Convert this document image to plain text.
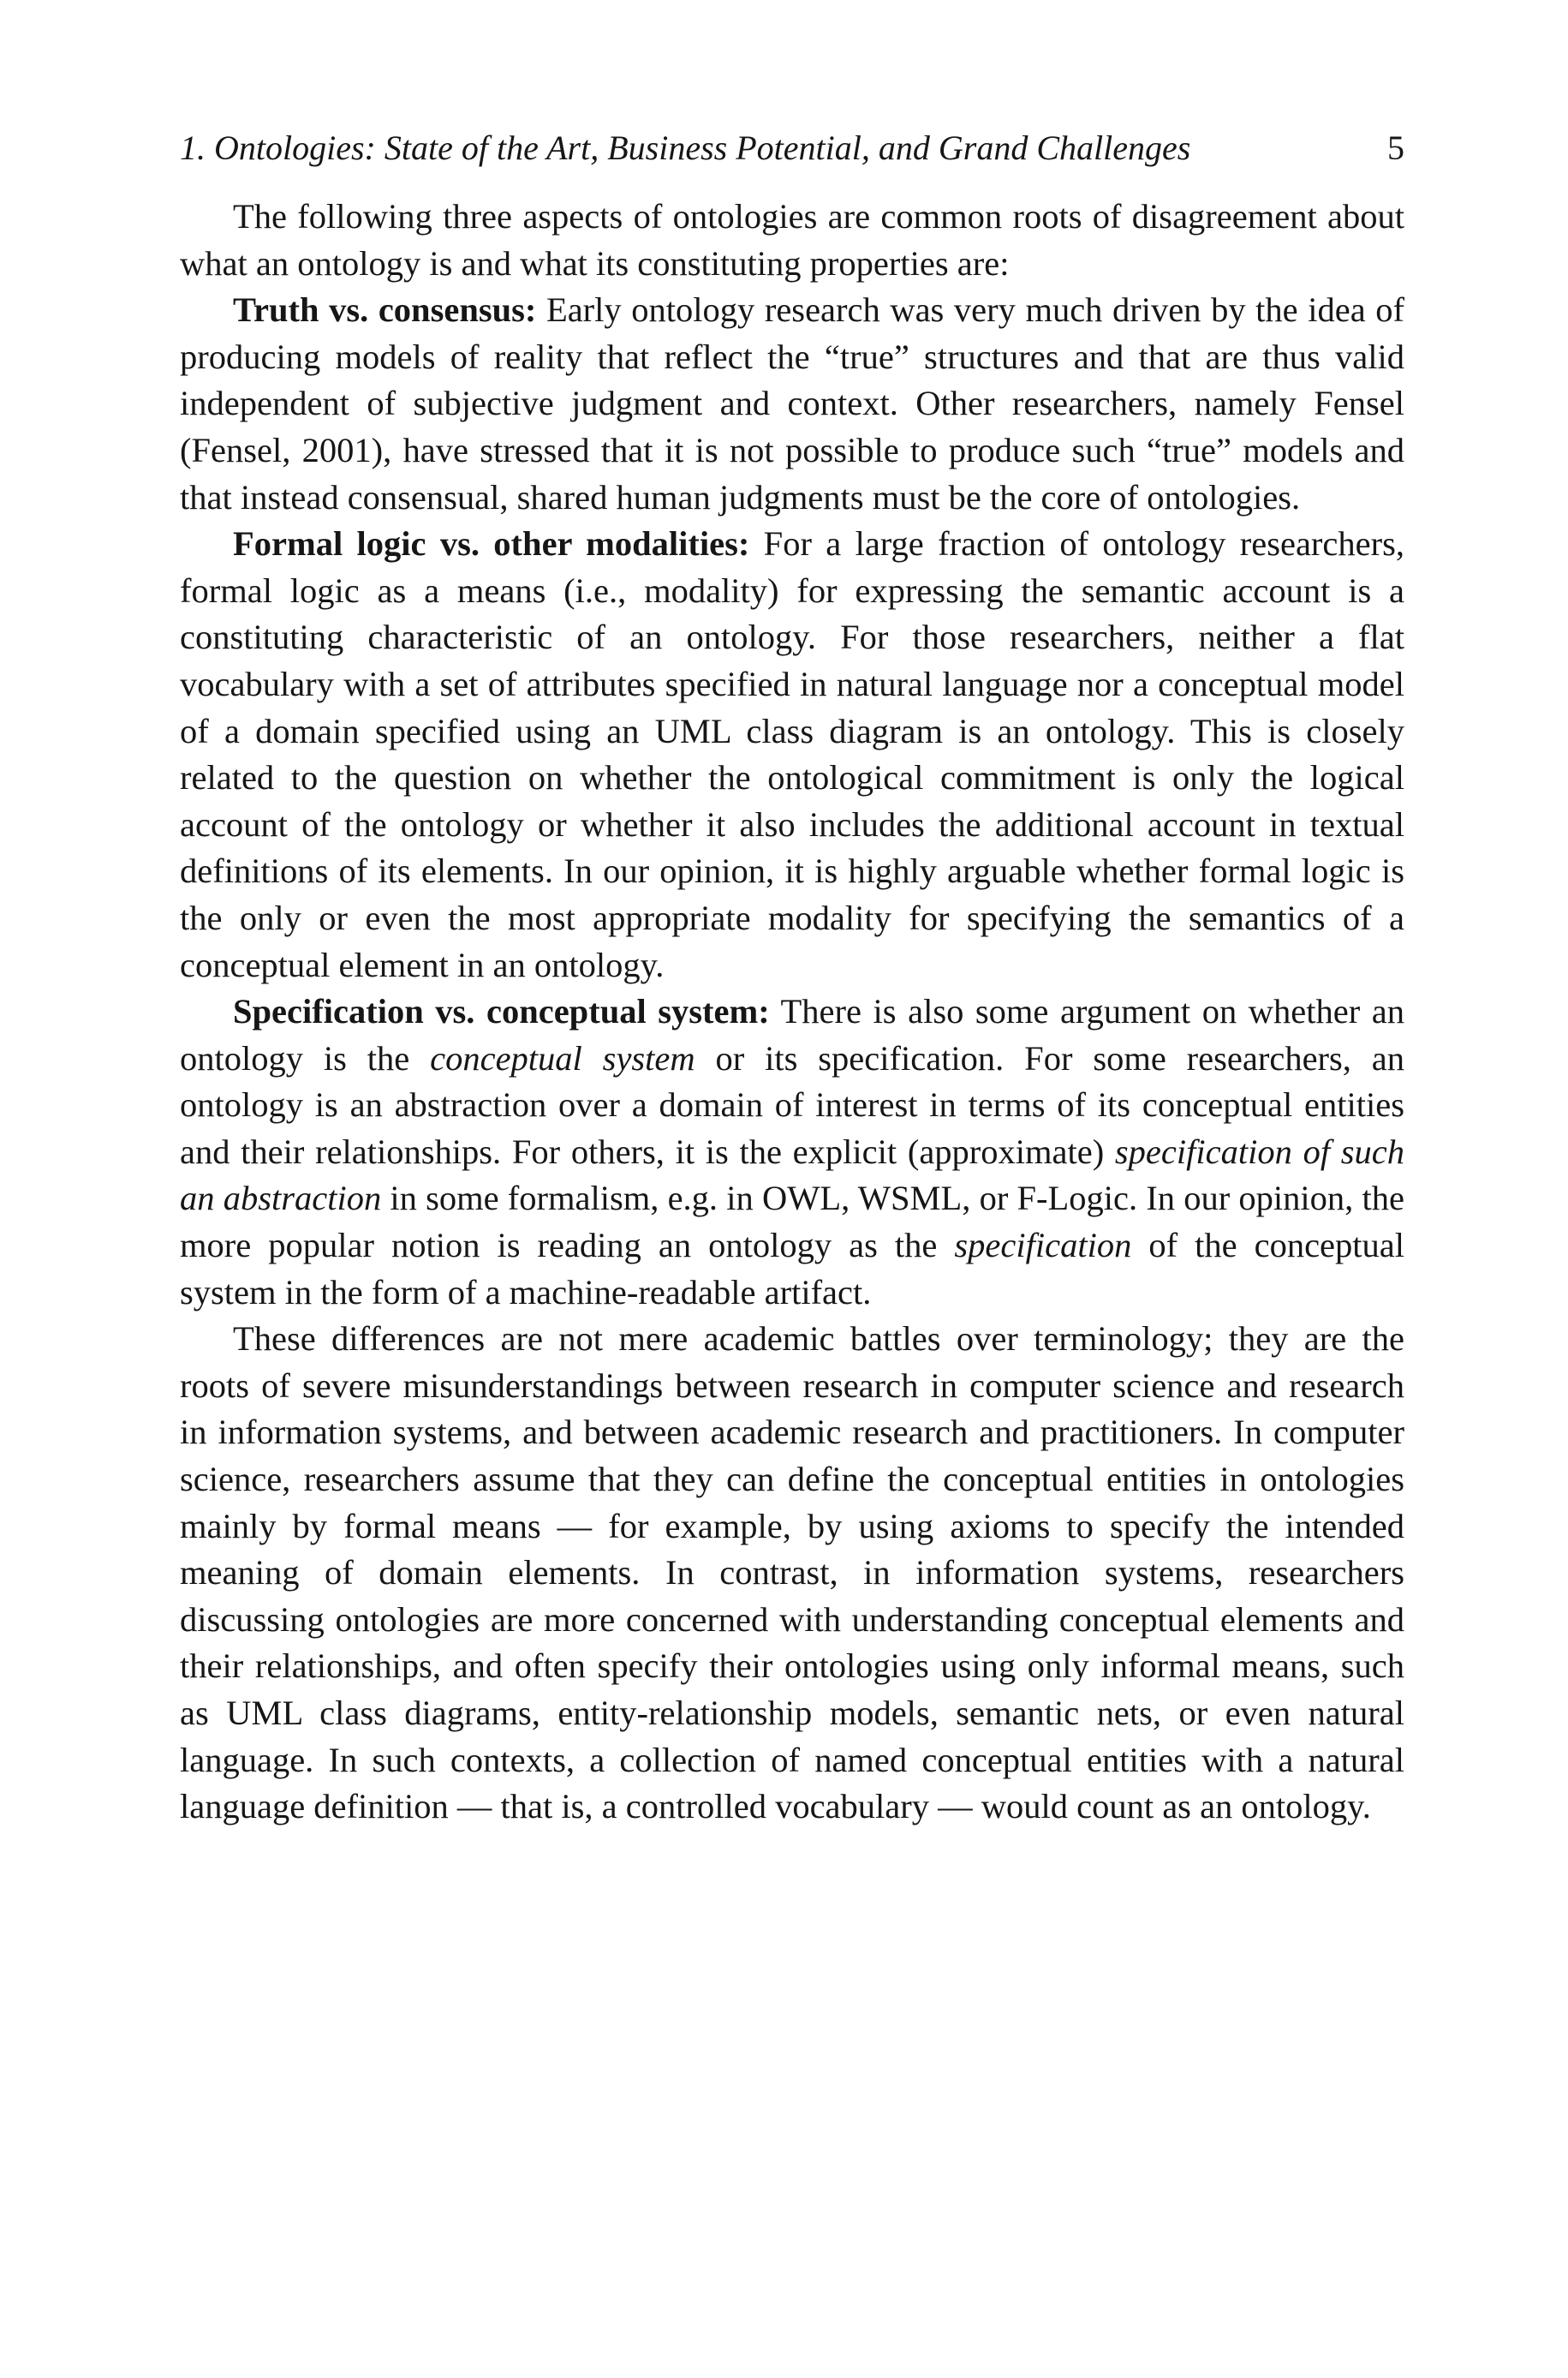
1. Ontologies: State of the Art, Business Potential, and Grand Challenges	5

The following three aspects of ontologies are common roots of disagreement about what an ontology is and what its constituting properties are:

Truth vs. consensus: Early ontology research was very much driven by the idea of producing models of reality that reflect the “true” structures and that are thus valid independent of subjective judgment and context. Other researchers, namely Fensel (Fensel, 2001), have stressed that it is not possible to produce such “true” models and that instead consensual, shared human judgments must be the core of ontologies.

Formal logic vs. other modalities: For a large fraction of ontology researchers, formal logic as a means (i.e., modality) for expressing the semantic account is a constituting characteristic of an ontology. For those researchers, neither a flat vocabulary with a set of attributes specified in natural language nor a conceptual model of a domain specified using an UML class diagram is an ontology. This is closely related to the question on whether the ontological commitment is only the logical account of the ontology or whether it also includes the additional account in textual definitions of its elements. In our opinion, it is highly arguable whether formal logic is the only or even the most appropriate modality for specifying the semantics of a conceptual element in an ontology.

Specification vs. conceptual system: There is also some argument on whether an ontology is the conceptual system or its specification. For some researchers, an ontology is an abstraction over a domain of interest in terms of its conceptual entities and their relationships. For others, it is the explicit (approximate) specification of such an abstraction in some formalism, e.g. in OWL, WSML, or F-Logic. In our opinion, the more popular notion is reading an ontology as the specification of the conceptual system in the form of a machine-readable artifact.

These differences are not mere academic battles over terminology; they are the roots of severe misunderstandings between research in computer science and research in information systems, and between academic research and practitioners. In computer science, researchers assume that they can define the conceptual entities in ontologies mainly by formal means — for example, by using axioms to specify the intended meaning of domain elements. In contrast, in information systems, researchers discussing ontologies are more concerned with understanding conceptual elements and their relationships, and often specify their ontologies using only informal means, such as UML class diagrams, entity-relationship models, semantic nets, or even natural language. In such contexts, a collection of named conceptual entities with a natural language definition — that is, a controlled vocabulary — would count as an ontology.
